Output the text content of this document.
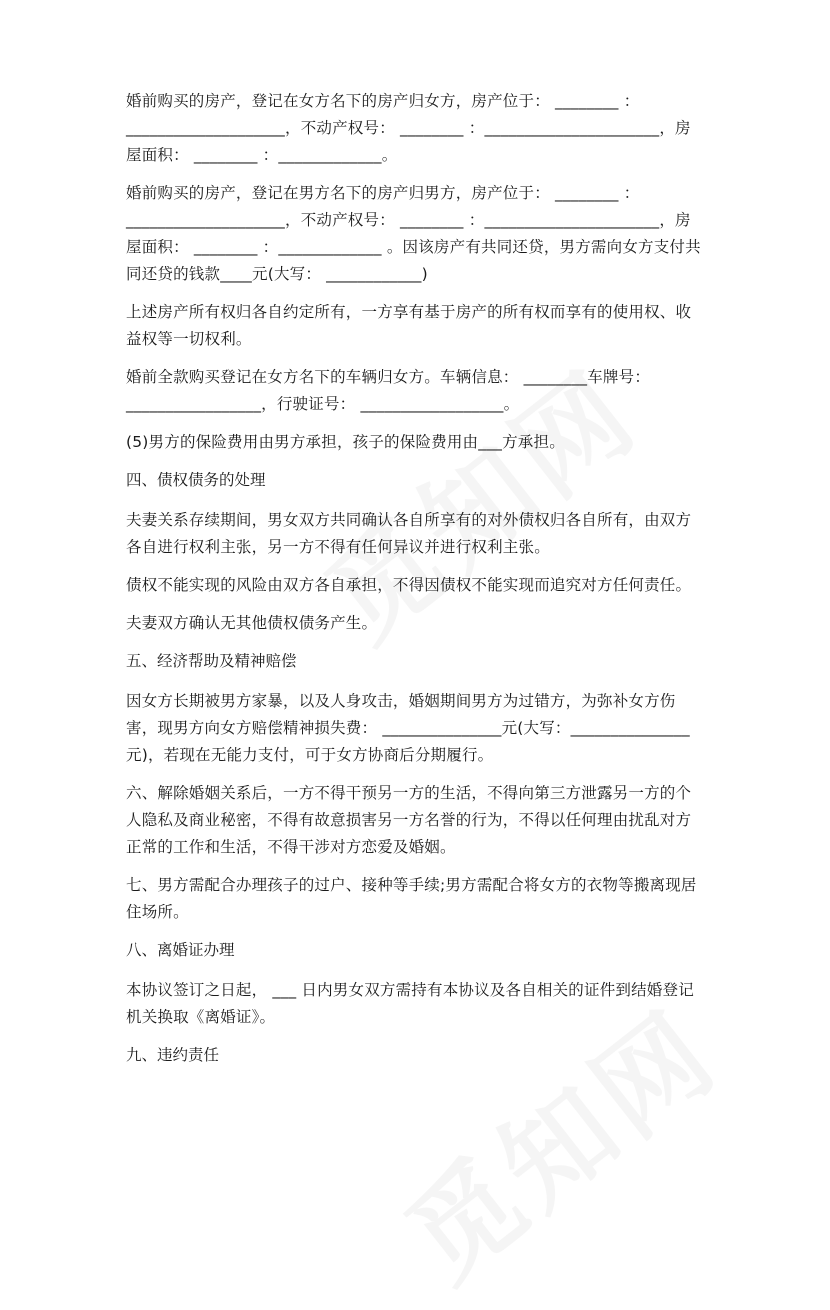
婚前购买的房产，登记在女方名下的房产归女方，房产位于： ________ ：____________________，不动产权号： ________ ：______________________，房屋面积： ________ ：_____________。

婚前购买的房产，登记在男方名下的房产归男方，房产位于： ________ ：____________________，不动产权号： ________ ：______________________，房屋面积： ________ ：_____________ 。因该房产有共同还贷，男方需向女方支付共同还贷的钱款____元(大写： ____________)

上述房产所有权归各自约定所有，一方享有基于房产的所有权而享有的使用权、收益权等一切权利。

婚前全款购买登记在女方名下的车辆归女方。车辆信息： ________车牌号：_________________，行驶证号： __________________。

(5)男方的保险费用由男方承担，孩子的保险费用由___方承担。

四、债权债务的处理

夫妻关系存续期间，男女双方共同确认各自所享有的对外债权归各自所有，由双方各自进行权利主张，另一方不得有任何异议并进行权利主张。

债权不能实现的风险由双方各自承担，不得因债权不能实现而追究对方任何责任。

夫妻双方确认无其他债权债务产生。

五、经济帮助及精神赔偿

因女方长期被男方家暴，以及人身攻击，婚姻期间男方为过错方，为弥补女方伤害，现男方向女方赔偿精神损失费： _______________元(大写：_______________元)，若现在无能力支付，可于女方协商后分期履行。

六、解除婚姻关系后，一方不得干预另一方的生活，不得向第三方泄露另一方的个人隐私及商业秘密，不得有故意损害另一方名誉的行为，不得以任何理由扰乱对方正常的工作和生活，不得干涉对方恋爱及婚姻。

七、男方需配合办理孩子的过户、接种等手续;男方需配合将女方的衣物等搬离现居住场所。

八、离婚证办理

本协议签订之日起， ___ 日内男女双方需持有本协议及各自相关的证件到结婚登记机关换取《离婚证》。

九、违约责任
